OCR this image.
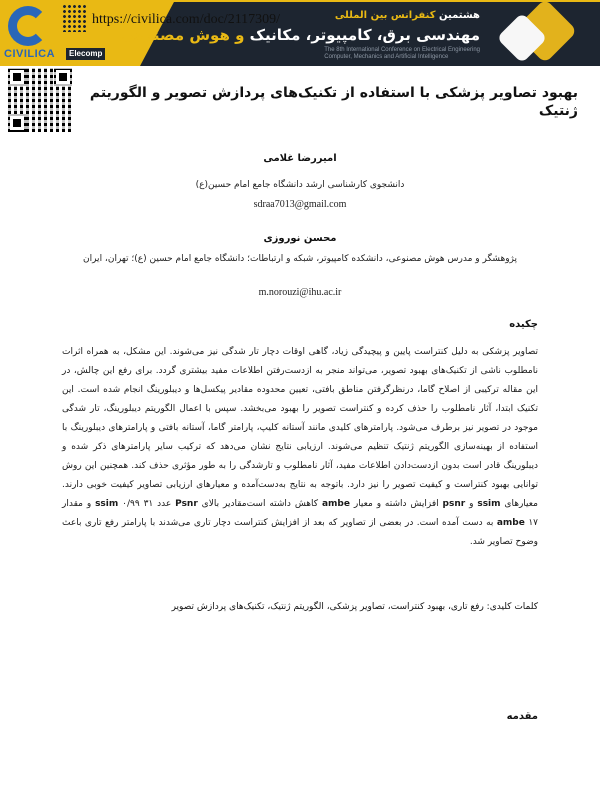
CIVILICA	Elecomp
هشتمین کنفرانس بین المللی
مهندسی برق، کامپیوتر، مکانیک و هوش مصنوعی
The 8th International Conference on Electrical Engineering
Computer, Mechanics and Artificial Intelligence
https://civilica.com/doc/2117309/
بهبود تصاویر پزشکی با استفاده از تکنیک‌های پردازش تصویر و الگوریتم ژنتیک
امیررضا غلامی
دانشجوی کارشناسی ارشد دانشگاه جامع امام حسین(ع)
sdraa7013@gmail.com
محسن نوروزی
پژوهشگر و مدرس هوش مصنوعی، دانشکده کامپیوتر، شبکه و ارتباطات؛ دانشگاه جامع امام حسین (ع)؛ تهران، ایران
m.norouzi@ihu.ac.ir
چکیده
تصاویر پزشکی به دلیل کنتراست پایین و پیچیدگی زیاد، گاهی اوقات دچار تار شدگی نیز می‌شوند. این مشکل، به همراه اثرات نامطلوب ناشی از تکنیک‌های بهبود تصویر، می‌تواند منجر به ازدست‌رفتن اطلاعات مفید بیشتری گردد. برای رفع این چالش، در این مقاله ترکیبی از اصلاح گاما، درنظرگرفتن مناطق بافتی، تعیین محدوده مقادیر پیکسل‌ها و دیبلورینگ انجام شده است. این تکنیک ابتدا، آثار نامطلوب را حذف کرده و کنتراست تصویر را بهبود می‌بخشد. سپس با اعمال الگوریتم دیبلورینگ، تار شدگی موجود در تصویر نیز برطرف می‌شود. پارامترهای کلیدی مانند آستانه کلیپ، پارامتر گاما، آستانه بافتی و پارامترهای دیبلورینگ با استفاده از بهینه‌سازی الگوریتم ژنتیک تنظیم می‌شوند. ارزیابی نتایج نشان می‌دهد که ترکیب سایر پارامترهای ذکر شده و دیبلورینگ قادر است بدون ازدست‌دادن اطلاعات مفید، آثار نامطلوب و تارشدگی را به طور مؤثری حذف کند. همچنین این روش توانایی بهبود کنتراست و کیفیت تصویر را نیز دارد. باتوجه به نتایج به‌دست‌آمده و معیارهای ارزیابی تصاویر کیفیت خوبی دارند. معیارهای ssim و psnr افزایش داشته و معیار ambe کاهش داشته است‌مقادیر بالای Psnr عدد ۳۱ ssim ۰/۹۹ و مقدار ambe ۱۷ به دست آمده است. در بعضی از تصاویر که بعد از افزایش کنتراست دچار تاری می‌شدند با پارامتر رفع تاری باعث وضوح تصاویر شد.
کلمات کلیدی: رفع تاری، بهبود کنتراست، تصاویر پزشکی، الگوریتم ژنتیک، تکنیک‌های پردازش تصویر
مقدمه
